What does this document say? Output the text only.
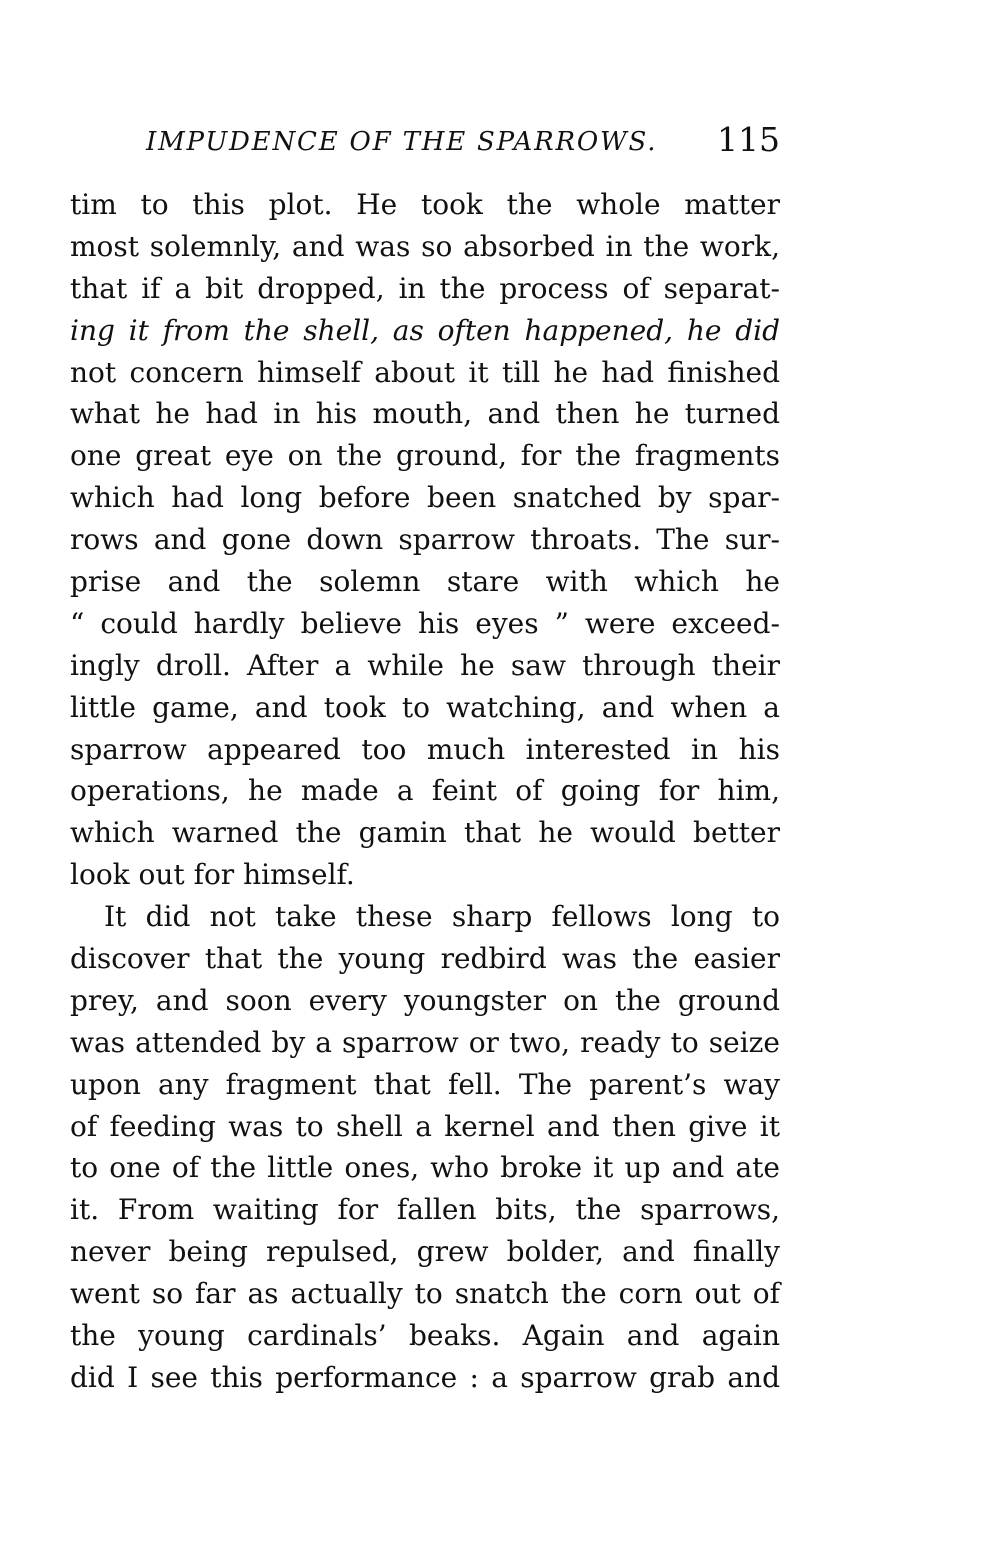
IMPUDENCE OF THE SPARROWS. 115
tim to this plot. He took the whole matter
most solemnly, and was so absorbed in the work,
that if a bit dropped, in the process of separat-
ing it from the shell, as often happened, he did
not concern himself about it till he had finished
what he had in his mouth, and then he turned
one great eye on the ground, for the fragments
which had long before been snatched by spar-
rows and gone down sparrow throats. The sur-
prise and the solemn stare with which he
“ could hardly believe his eyes ” were exceed-
ingly droll. After a while he saw through their
little game, and took to watching, and when a
sparrow appeared too much interested in his
operations, he made a feint of going for him,
which warned the gamin that he would better
look out for himself.
It did not take these sharp fellows long to
discover that the young redbird was the easier
prey, and soon every youngster on the ground
was attended by a sparrow or two, ready to seize
upon any fragment that fell. The parent’s way
of feeding was to shell a kernel and then give it
to one of the little ones, who broke it up and ate
it. From waiting for fallen bits, the sparrows,
never being repulsed, grew bolder, and finally
went so far as actually to snatch the corn out of
the young cardinals’ beaks. Again and again
did I see this performance : a sparrow grab and
